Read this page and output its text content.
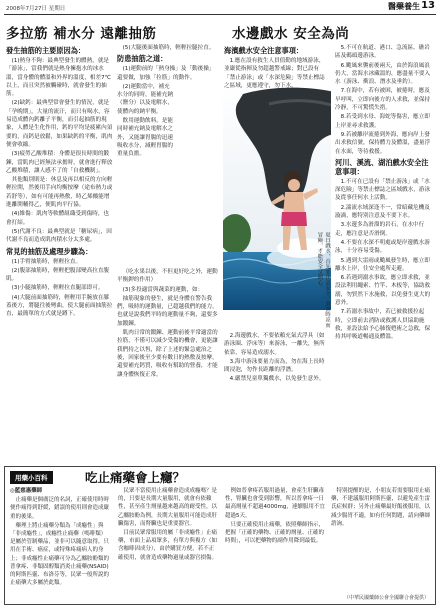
2008年7月27日 星期日	醫藥養生 13
多拉筋 補水分 遠離抽筋	水邊戲水 安全為尚
發生抽筋的主要原因為：

(1)熱身不夠：最典型發生的體熱，就是「游泳」，當我們就是熱身擁抱水的冰水溫，當身體的體溫和外界的溫度，相差7℃以上，而且突然被觸碰時，就會發生的抽筋。

(2)缺鈣：最典型常會發生的情況，就是「孕晚期」，大量的流汗，而只有喝水，容易造成體內鈣離子平衡，而引起抽筋的現象，人體是生化作用，鈣的平均是疲累內須要的，而鈣是放鬆，如果缺鈣的平衡，肌肉便會收縮。

(3)疲勞乙酸堆積：身體是很長時間的鍛鍊，當肌肉已經無法承擔時，就會進行釋放乙酸堆積，讓人感不了的「自救機制」。

其他類別則是：休息及再以相反的方向輕輕拉開，然後用手向均衡按摩（途布熱力或若舒等），如有可能再熱敷，時乙烯酸能增進離開輔得乙，便肌肉平行協。

(4)維傷：肌肉等軟體組織受到傷時，也會打結。

(5)代謝不良：最典型就是「糖尿病」，因代謝不良而造成肌肉積水分太多處。

常見的抽筋及處理步驟為：

(1)手臂抽筋時，輕輕拉直。

(2)腹部抽筋時，輕輕把腹部變高拉直腹肌。

(3)小腿抽筋時，輕輕拉直腿部即可。

(4)大腿前面抽筋時，輕輕用手腕放在膝蓋後方，將腿往後彎曲，使大腿前面抽筋拉直，最簡單的方式就是蹲下。

(5)大腿後面抽筋時，輕輕拉腿拉直。

防患抽筋之道：

(1)運動前的「熱身操」及「動後操」還要做，加強「拉筋」的動作。

(2)運動當中，補充水分的同時，能補充鈉（鹽分）以及電解水，使體內的鈉平衡。

飲用運動飲料，是能同時補充鈉及電解水之外，又能讓胃腸的迅速吸收水分，減輕胃腸的重量負擔。

夏日戲水，首先要注意安全，莫貪時涼而冒險，才能安全又開心。

（吃水果以後，不但更好吃之外，運動平衡鉀的作用）

(3)多投適當與蔬菜的運動，如：

抽筋現象的發生，就是身體在警告我們，吸時的運動量，已超越我們的能力，也就是說我們平時的運動量不夠，還要多加鍛鍊。

肌肉日常的鍛鍊、運動前後平常適當的拉筋，不僅可以減少受傷的機會，更能讓我們持之以恆，除了上述的緊急處治之後，回家後至少要有數日的熱敷及按摩，還要補充鈣質，吸收有幫助的營養，才能讓身體恢復正常。

海濱戲水安全注意事項：

1.應在設有救生人員值勤的地域游泳，並嚴從指揮及勿超越警戒線；對已設有「禁止游泳」或「水深危險」等禁止標誌之區域，更應遵守，勿下水。

2.海邊戲水，不要依賴充氣式浮具（如游泳圈、浮床等）來游泳，一離失，無所依靠，容易造成溺水。

3.海中游泳要量力而為，勿在海上長時間浸泡，勿作長距離的浮潛。

4.嚴禁兒童單獨戲水，以免發生意外。

5.不可在航道、港口、急流區、礁岩區及碼頭邊游泳。

6.颱風來襲前後兩天，由於海浪風浪仍大，當海水冰藏溫的，應盡量不要入水（游泳、衝浪、潛水及垂釣）。

7.在海中，若有被困，被捲時，應及早呼叫，立即向後方的人求救，並保持冷靜，不可驚慌失措。

8.若受到水母、海蛇等傷害，應立即上岸並尋求救護。

9.若被離岸流捲到外海，應向岸上發出求救信號，保持體力及體溫，盡量浮在水面，等待救援。

河川、溪流、湖泊戲水安全注意事項：

1.不可在已設有「禁止游泳」或「水深危險」等禁止標誌之區域戲水，游泳及從事任何水上活動。

2.湍流水域深逢不一，常暗藏危機及漩渦，應特別注意及不要下水。

3.水邊多為滑溜的岩石，在水中行走，應注意是否滑倒。

4.不要在水深不明處或堤岸邊戲水游泳，十分容易受傷。

5.遇到大雷雨或颱風發生時，應立即離水上岸，往安全處所走避。

6.若遇到溺水事故，應立即求救，並設法利用繩索、竹竿、木板等，協助救溺，勿貿然下水施救，以免發生更大的意外。

7.若溺水事故中，若已被救援拉起時，立即前去消防或救護人員協助施救，並設法給予心肺復甦術之急救，保持其呼吸道暢通及體溫。

用藥小百科	吃止痛藥會上癮？

◎藍慈惠藥師

止痛藥是個廣泛的名詞，正確使用時時便作痛得到舒緩，錯誤的使用則會造成嚴重的後果。

藥理上將止痛藥分類為「成癮性」與「非成癮性」，成癮性止痛藥（嗎啡類）是屬於管制藥品，並非可以隨意取得，只用在手術、癌症，或特殊疼痛病人的身上；非成癮性止痛藥可分為乙醯胺酚類的普拿疼、非類固醇類消炎止痛藥(NSAID)的阿斯匹靈、布洛芬等，民眾一般所說的止痛藥大多屬於此類。

民眾不當使用止痛藥會造成成癮嗎？是的，只要是長期大量服用，就會有依賴性，甚至產生劑量越來越高的耐受性，以乙醯胺酚為例，長期大量服用可能造成肝臟傷害，而腎臟也是重要器官。

目前民眾常服用的屬「非成癮性」止痛藥，市面上品項眾多，有單方與複方（如含咖啡因成分），由於購買方便，若不正確使用，就會造成藥物過量或器官損傷。

例如普拿疼若服用過量，會產生肝臟毒性，腎臟也會受到影響，所以普拿疼一日最高劑量不超過4000mg，連續服用不宜超過5天。

只要正確使用止痛藥，依照藥師指示，把握「正確的藥物、正確的劑量、正確的時間」，可以把藥物的副作用降到最低。

特別提醒的是，小朋友若需要服用止痛藥，不建議服用阿斯匹靈，以避免產生雷氏症候群；另外止痛藥最好飯後服用，以減少腸胃不適，如有任何問題，請向藥師諮詢。

（中華民國藥師公會全國聯合會提供）
